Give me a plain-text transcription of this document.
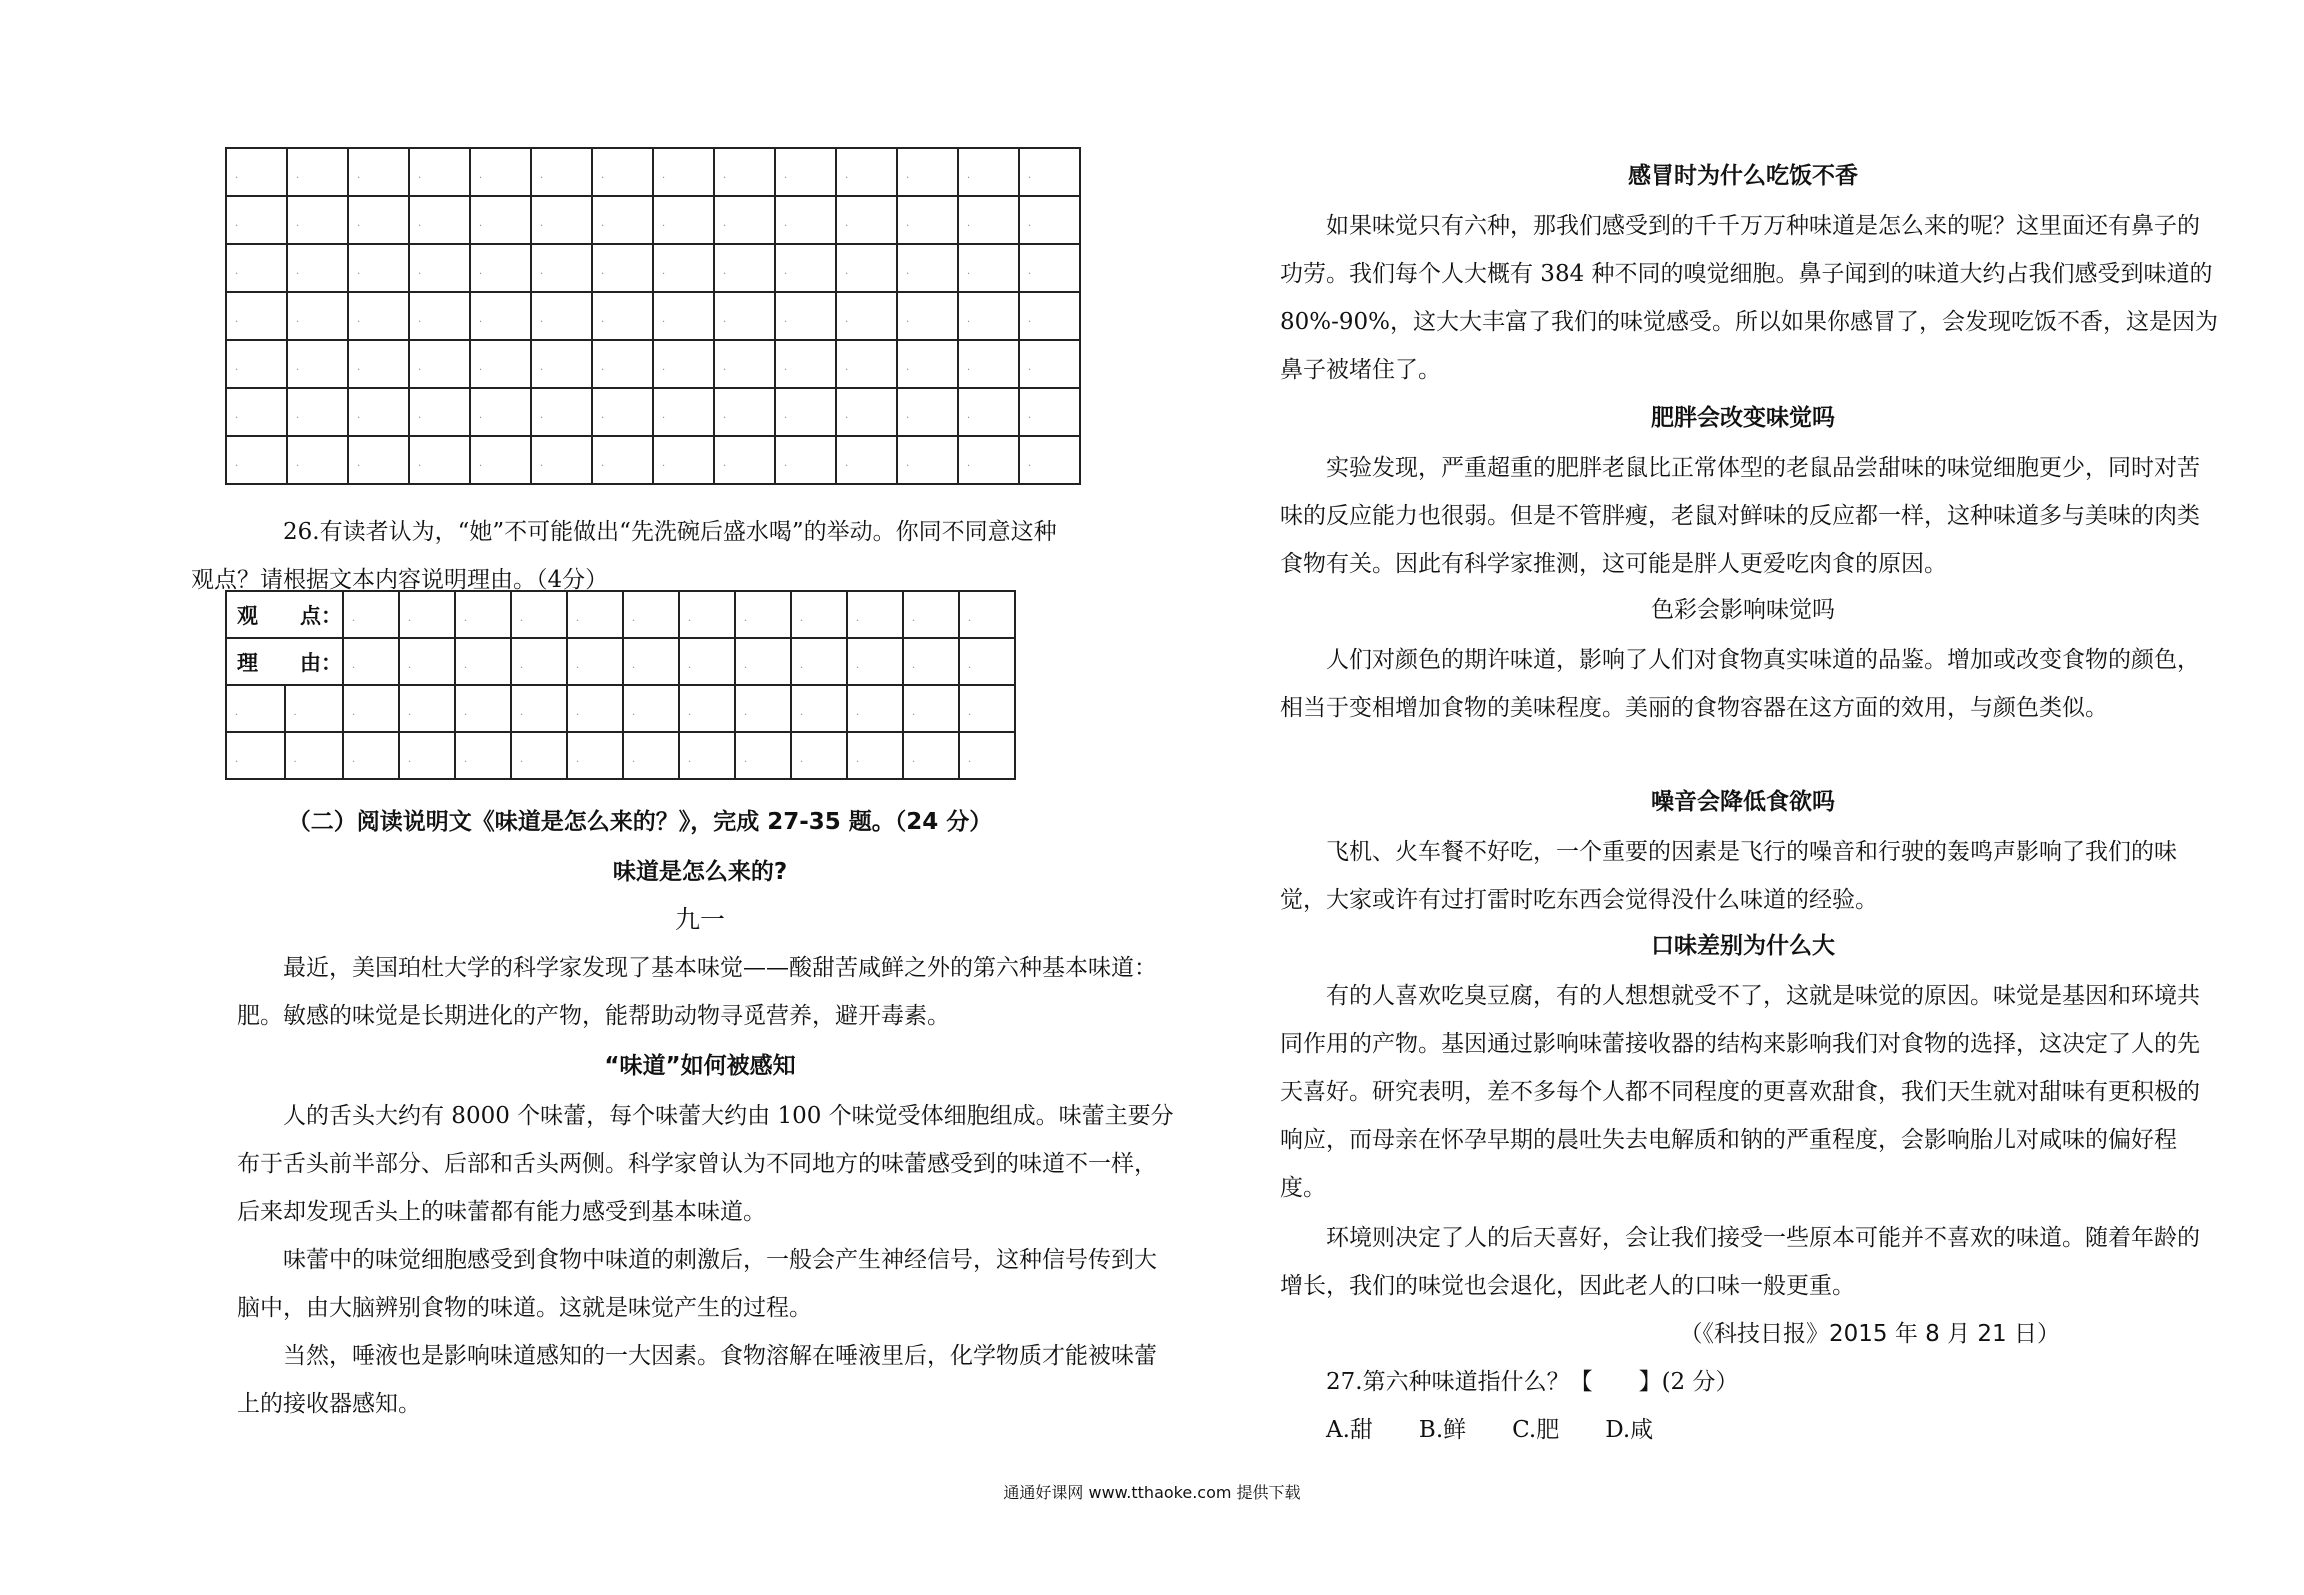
.	.	.	.	.	.	.	.	.	.	.	.	.	.

.	.	.	.	.	.	.	.	.	.	.	.	.	.

.	.	.	.	.	.	.	.	.	.	.	.	.	.

.	.	.	.	.	.	.	.	.	.	.	.	.	.

.	.	.	.	.	.	.	.	.	.	.	.	.	.

.	.	.	.	.	.	.	.	.	.	.	.	.	.

.	.	.	.	.	.	.	.	.	.	.	.	.	.

26.有读者认为，“她”不可能做出“先洗碗后盛水喝”的举动。你同不同意这种
观点？请根据文本内容说明理由。（4分）

观　　点：		.	.	.	.	.	.	.	.	.	.	.	.

理　　由：		.	.	.	.	.	.	.	.	.	.	.	.

.	.	.	.	.	.	.	.	.	.	.	.	.	.

.	.	.	.	.	.	.	.	.	.	.	.	.	.

（二）阅读说明文《味道是怎么来的？》，完成 27-35 题。（24 分）

味道是怎么来的?

九一

最近，美国珀杜大学的科学家发现了基本味觉——酸甜苦咸鲜之外的第六种基本味道：肥。敏感的味觉是长期进化的产物，能帮助动物寻觅营养，避开毒素。

“味道”如何被感知

人的舌头大约有 8000 个味蕾，每个味蕾大约由 100 个味觉受体细胞组成。味蕾主要分布于舌头前半部分、后部和舌头两侧。科学家曾认为不同地方的味蕾感受到的味道不一样，后来却发现舌头上的味蕾都有能力感受到基本味道。

味蕾中的味觉细胞感受到食物中味道的刺激后，一般会产生神经信号，这种信号传到大脑中，由大脑辨别食物的味道。这就是味觉产生的过程。

当然，唾液也是影响味道感知的一大因素。食物溶解在唾液里后，化学物质才能被味蕾上的接收器感知。

感冒时为什么吃饭不香

如果味觉只有六种，那我们感受到的千千万万种味道是怎么来的呢？这里面还有鼻子的功劳。我们每个人大概有 384 种不同的嗅觉细胞。鼻子闻到的味道大约占我们感受到味道的 80%-90%，这大大丰富了我们的味觉感受。所以如果你感冒了，会发现吃饭不香，这是因为鼻子被堵住了。

肥胖会改变味觉吗

实验发现，严重超重的肥胖老鼠比正常体型的老鼠品尝甜味的味觉细胞更少，同时对苦味的反应能力也很弱。但是不管胖瘦，老鼠对鲜味的反应都一样，这种味道多与美味的肉类食物有关。因此有科学家推测，这可能是胖人更爱吃肉食的原因。

色彩会影响味觉吗

人们对颜色的期许味道，影响了人们对食物真实味道的品鉴。增加或改变食物的颜色，相当于变相增加食物的美味程度。美丽的食物容器在这方面的效用，与颜色类似。

噪音会降低食欲吗

飞机、火车餐不好吃，一个重要的因素是飞行的噪音和行驶的轰鸣声影响了我们的味觉，大家或许有过打雷时吃东西会觉得没什么味道的经验。

口味差别为什么大

有的人喜欢吃臭豆腐，有的人想想就受不了，这就是味觉的原因。味觉是基因和环境共同作用的产物。基因通过影响味蕾接收器的结构来影响我们对食物的选择，这决定了人的先天喜好。研究表明，差不多每个人都不同程度的更喜欢甜食，我们天生就对甜味有更积极的响应，而母亲在怀孕早期的晨吐失去电解质和钠的严重程度，会影响胎儿对咸味的偏好程度。

环境则决定了人的后天喜好，会让我们接受一些原本可能并不喜欢的味道。随着年龄的增长，我们的味觉也会退化，因此老人的口味一般更重。

（《科技日报》2015 年 8 月 21 日）

27.第六种味道指什么？【　　】(2 分）

A.甜　　B.鲜　　C.肥　　D.咸

通通好课网 www.tthaoke.com 提供下载
